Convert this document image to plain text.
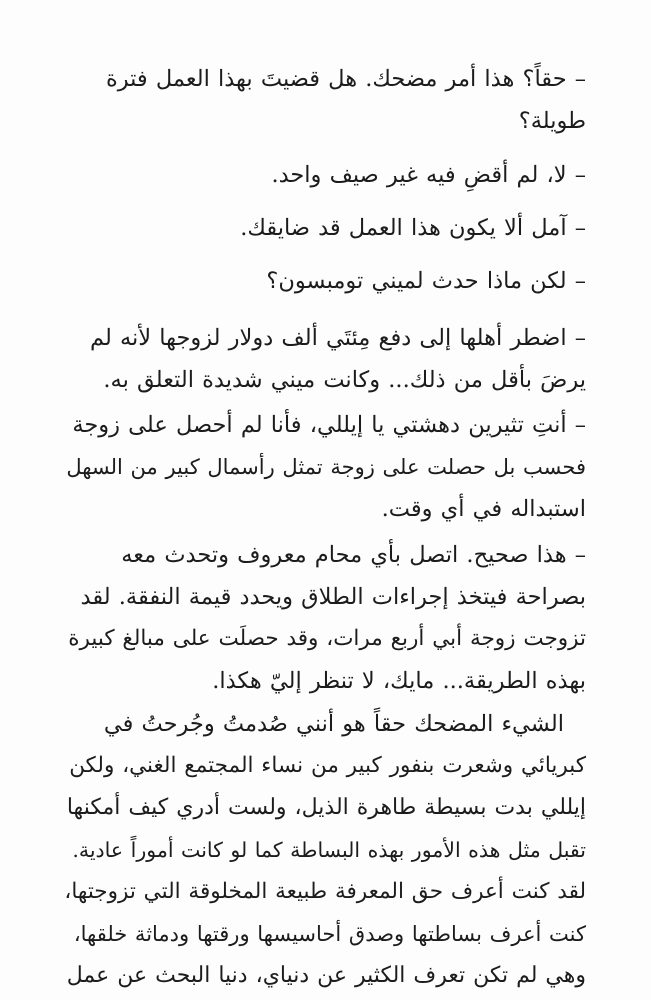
– حقاً؟ هذا أمر مضحك. هل قضيتَ بهذا العمل فترة
طويلة؟

– لا، لم أقضِ فيه غير صيف واحد.

– آمل ألا يكون هذا العمل قد ضايقك.

– لكن ماذا حدث لميني تومبسون؟

– اضطر أهلها إلى دفع مِئتَي ألف دولار لزوجها لأنه لم
يرضَ بأقل من ذلك... وكانت ميني شديدة التعلق به.

– أنتِ تثيرين دهشتي يا إيللي، فأنا لم أحصل على زوجة
فحسب بل حصلت على زوجة تمثل رأسمال كبير من السهل
استبداله في أي وقت.

– هذا صحيح. اتصل بأي محام معروف وتحدث معه
بصراحة فيتخذ إجراءات الطلاق ويحدد قيمة النفقة. لقد
تزوجت زوجة أبي أربع مرات، وقد حصلَت على مبالغ كبيرة
بهذه الطريقة... مايك، لا تنظر إليّ هكذا.

الشيء المضحك حقاً هو أنني صُدمتُ وجُرحتُ في
كبريائي وشعرت بنفور كبير من نساء المجتمع الغني، ولكن
إيللي بدت بسيطة طاهرة الذيل، ولست أدري كيف أمكنها
تقبل مثل هذه الأمور بهذه البساطة كما لو كانت أموراً عادية.
لقد كنت أعرف حق المعرفة طبيعة المخلوقة التي تزوجتها،
كنت أعرف بساطتها وصدق أحاسيسها ورقتها ودماثة خلقها،
وهي لم تكن تعرف الكثير عن دنياي، دنيا البحث عن عمل
